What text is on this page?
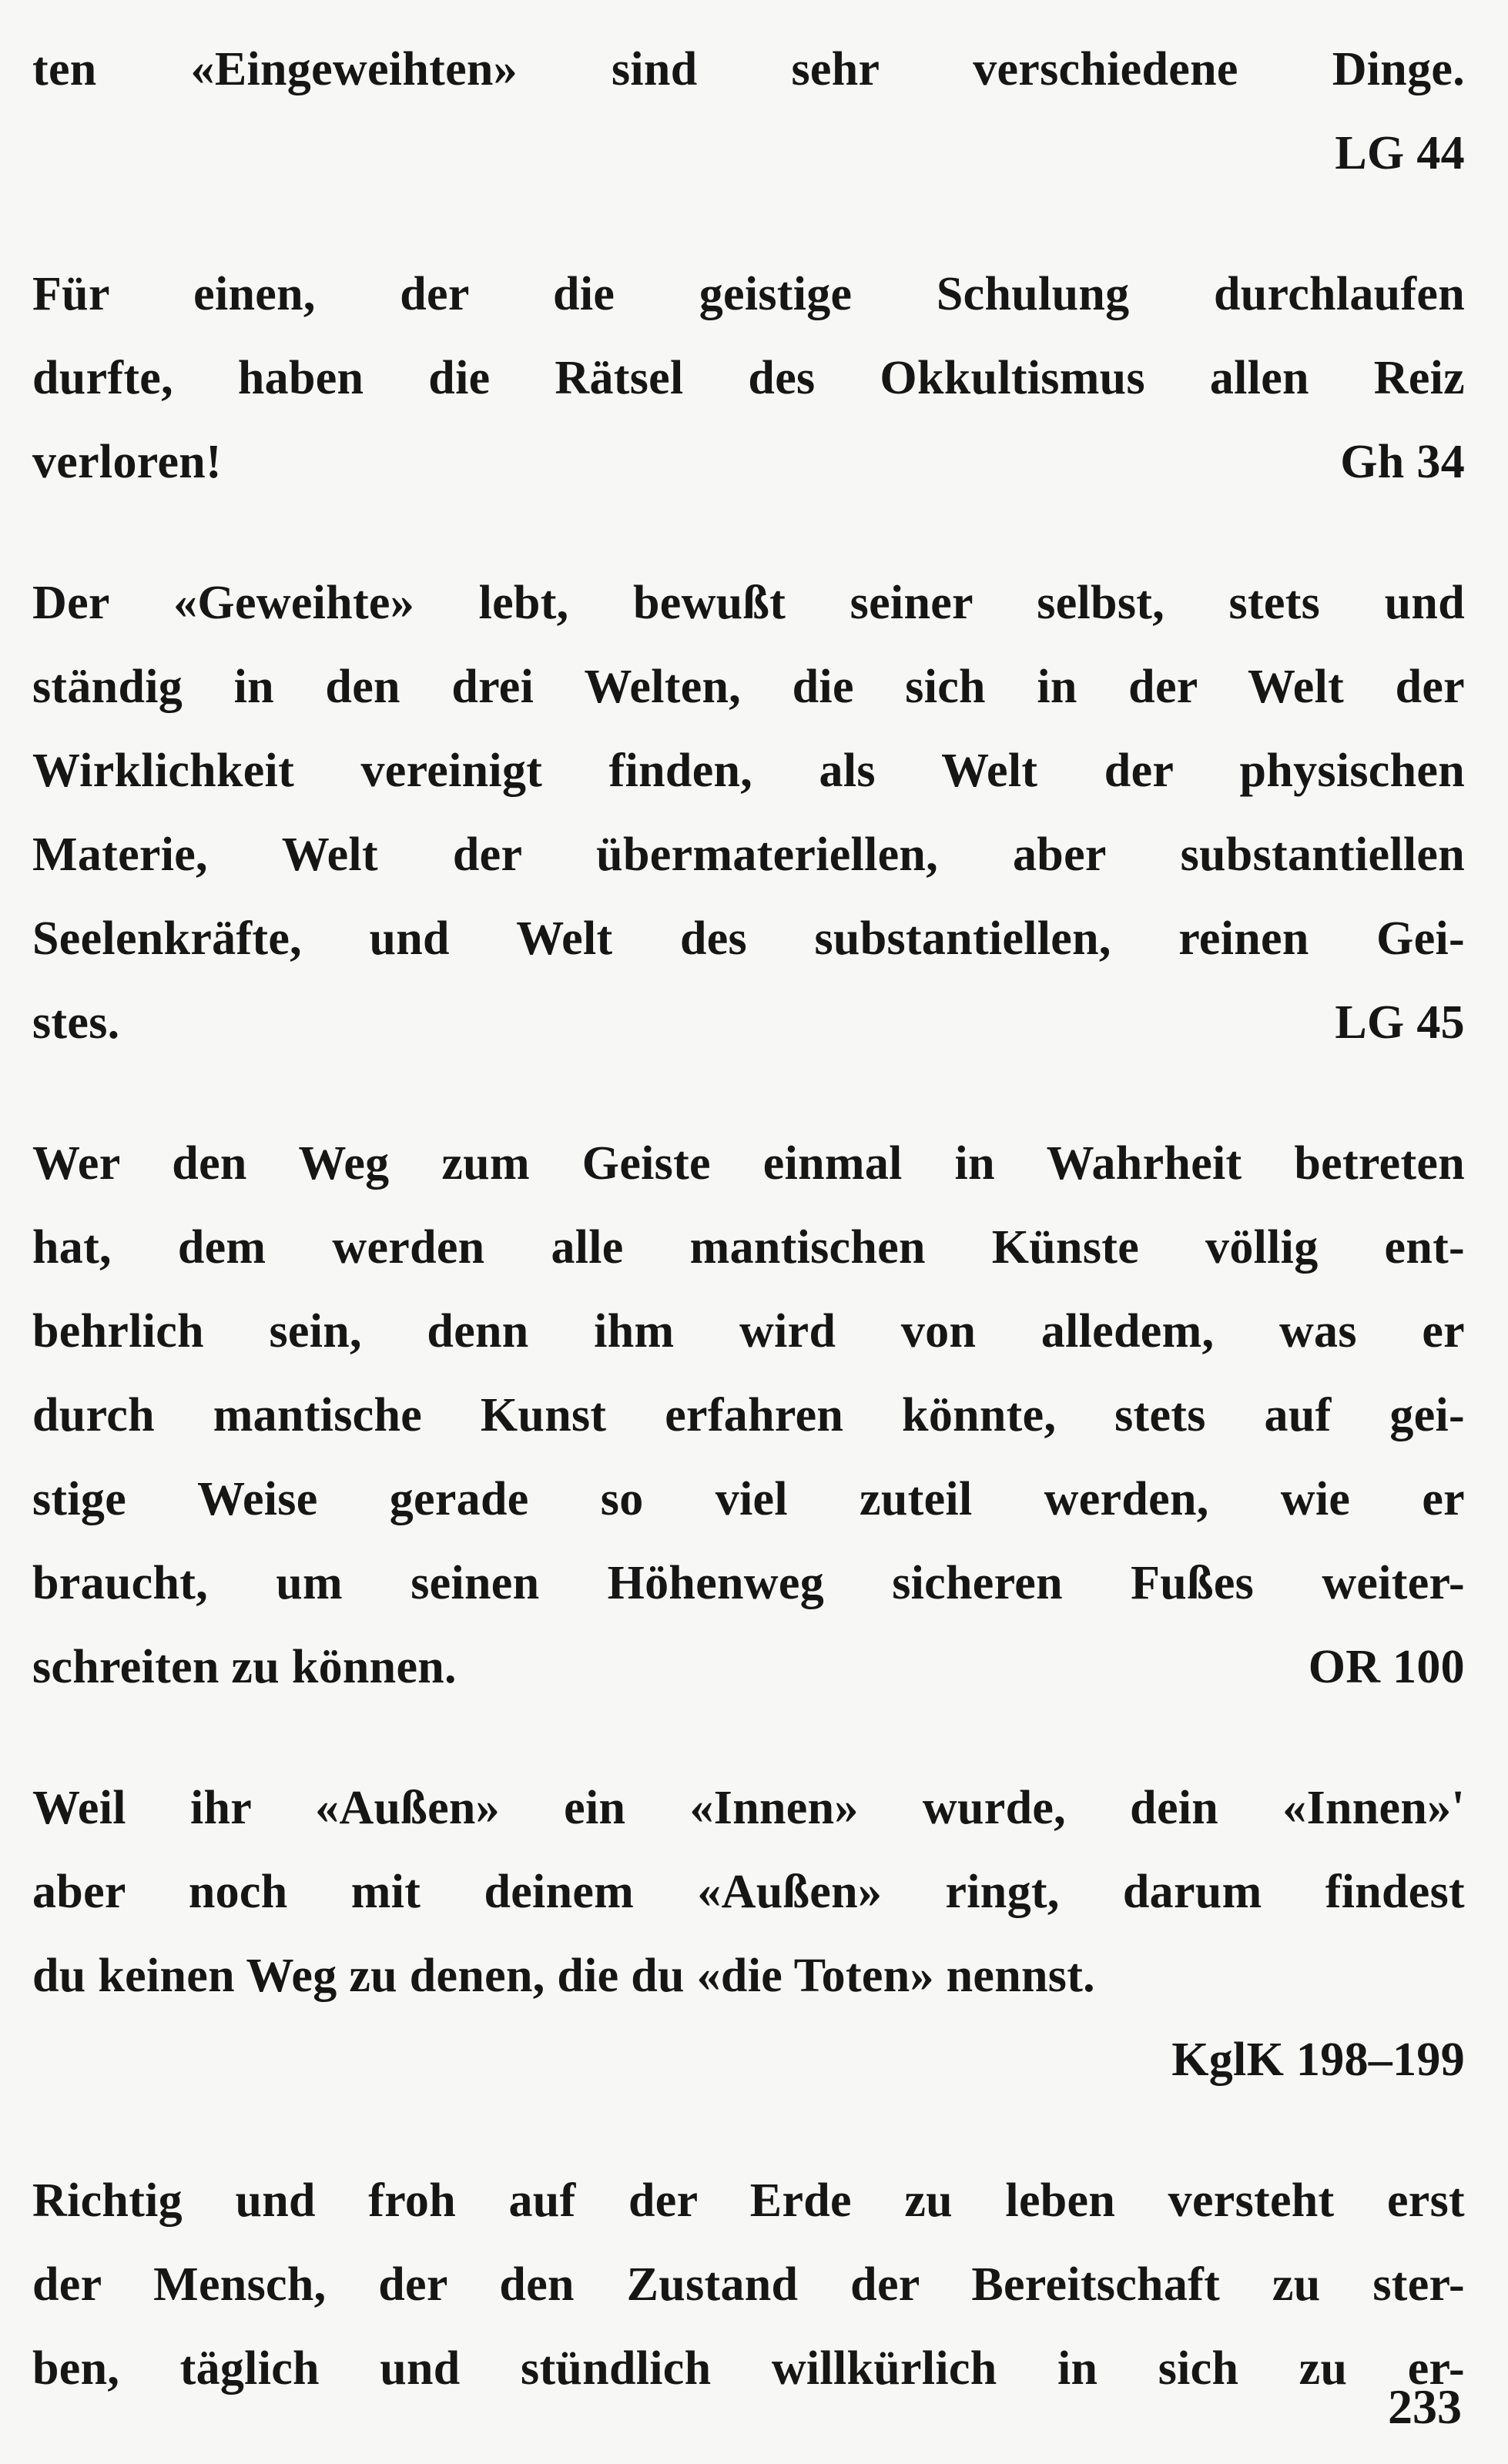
ten «Eingeweihten» sind sehr verschiedene Dinge.
LG 44
Für einen, der die geistige Schulung durchlaufen
durfte, haben die Rätsel des Okkultismus allen Reiz
verloren!	Gh 34
Der «Geweihte» lebt, bewußt seiner selbst, stets und
ständig in den drei Welten, die sich in der Welt der
Wirklichkeit vereinigt finden, als Welt der physischen
Materie, Welt der übermateriellen, aber substantiellen
Seelenkräfte, und Welt des substantiellen, reinen Gei-
stes.	LG 45
Wer den Weg zum Geiste einmal in Wahrheit betreten
hat, dem werden alle mantischen Künste völlig ent-
behrlich sein, denn ihm wird von alledem, was er
durch mantische Kunst erfahren könnte, stets auf gei-
stige Weise gerade so viel zuteil werden, wie er
braucht, um seinen Höhenweg sicheren Fußes weiter-
schreiten zu können.	OR 100
Weil ihr «Außen» ein «Innen» wurde, dein «Innen»'
aber noch mit deinem «Außen» ringt, darum findest
du keinen Weg zu denen, die du «die Toten» nennst.
KglK 198–199
Richtig und froh auf der Erde zu leben versteht erst
der Mensch, der den Zustand der Bereitschaft zu ster-
ben, täglich und stündlich willkürlich in sich zu er-
233
